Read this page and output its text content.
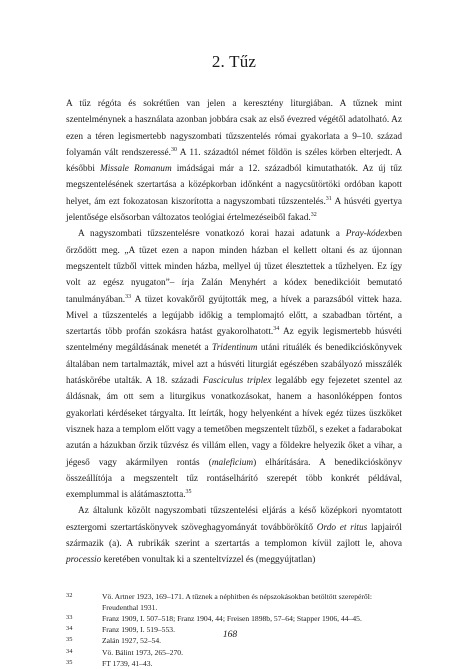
2. Tűz

A tűz régóta és sokrétűen van jelen a keresztény liturgiában. A tűznek mint szentelménynek a használata azonban jobbára csak az első évezred végétől adatolható. Az ezen a téren legismertebb nagyszombati tűzszentelés római gyakorlata a 9–10. század folyamán vált rendszeressé.$^{30}$ A 11. századtól német földön is széles körben elterjedt. A későbbi Missale Romanum imádságai már a 12. századból kimutathatók. Az új tűz megszentelésének szertartása a középkorban időnként a nagycsütörtöki ordóban kapott helyet, ám ezt fokozatosan kiszorította a nagyszombati tűzszentelés.$^{31}$ A húsvéti gyertya jelentősége elsősorban változatos teológiai értelmezéseiből fakad.$^{32}$

A nagyszombati tűzszentelésre vonatkozó korai hazai adatunk a Pray-kódexben őrződött meg. „A tüzet ezen a napon minden házban el kellett oltani és az újonnan megszentelt tűzből vittek minden házba, mellyel új tüzet élesztettek a tűzhelyen. Ez így volt az egész nyugaton”– írja Zalán Menyhért a kódex benedikcióit bemutató tanulmányában.$^{33}$ A tüzet kovakőről gyújtották meg, a hívek a parazsából vittek haza. Mivel a tűzszentelés a legújabb időkig a templomajtó előtt, a szabadban történt, a szertartás több profán szokásra hatást gyakorolhatott.$^{34}$ Az egyik legismertebb húsvéti szentelmény megáldásának menetét a Tridentinum utáni rituálék és benedikcióskönyvek általában nem tartalmazták, mivel azt a húsvéti liturgiát egészében szabályozó misszálék hatáskörébe utalták. A 18. századi Fasciculus triplex legalább egy fejezetet szentel az áldásnak, ám ott sem a liturgikus vonatkozásokat, hanem a hasonlóképpen fontos gyakorlati kérdéseket tárgyalta. Itt leírták, hogy helyenként a hívek egéz tüzes üszköket visznek haza a templom előtt vagy a temetőben megszentelt tűzből, s ezeket a fadarabokat azután a házukban őrzik tűzvész és villám ellen, vagy a földekre helyezik őket a vihar, a jégeső vagy akármilyen rontás (maleficium) elhárítására. A benedikcióskönyv összeállítója a megszentelt tűz rontáselhárító szerepét több konkrét példával, exemplummal is alátámasztotta.$^{35}$

Az általunk közölt nagyszombati tűzszentelési eljárás a késő középkori nyomtatott esztergomi szertartáskönyvek szöveghagyományát továbbörökítő Ordo et ritus lapjairól származik (a). A rubrikák szerint a szertartás a templomon kívül zajlott le, ahova processio keretében vonultak ki a szenteltvízzel és (meggyújtatlan)

32	Vö. Artner 1923, 169–171. A tűznek a néphitben és népszokásokban betöltött szerepéről: Freudenthal 1931.
33	Franz 1909, I. 507–518; Franz 1904, 44; Freisen 1898b, 57–64; Stapper 1906, 44–45.
34	Franz 1909, I. 519–553.
35	Zalán 1927, 52–54.
34	Vö. Bálint 1973, 265–270.
35	FT 1739, 41–43.
168
